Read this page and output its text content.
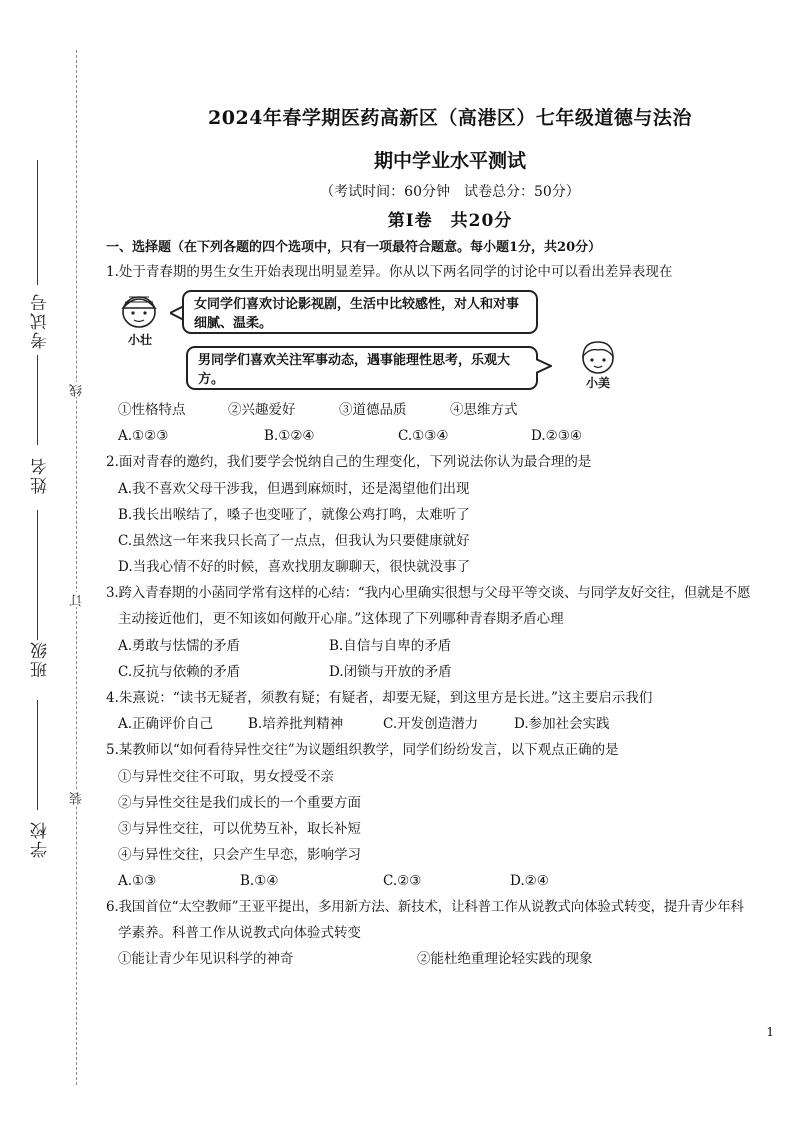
考试号
姓名
班级
学校
线
订
装
2024年春学期医药高新区（高港区）七年级道德与法治
期中学业水平测试
（考试时间：60分钟　试卷总分：50分）
第Ⅰ卷　共20分
一、选择题（在下列各题的四个选项中，只有一项最符合题意。每小题1分，共20分）
1.处于青春期的男生女生开始表现出明显差异。你从以下两名同学的讨论中可以看出差异表现在
小壮
女同学们喜欢讨论影视剧，生活中比较感性，对人和对事细腻、温柔。
男同学们喜欢关注军事动态，遇事能理性思考，乐观大方。	小美
①性格特点	②兴趣爱好	③道德品质	④思维方式
A.①②③	B.①②④	C.①③④	D.②③④
2.面对青春的邀约，我们要学会悦纳自己的生理变化，下列说法你认为最合理的是
A.我不喜欢父母干涉我，但遇到麻烦时，还是渴望他们出现
B.我长出喉结了，嗓子也变哑了，就像公鸡打鸣，太难听了
C.虽然这一年来我只长高了一点点，但我认为只要健康就好
D.当我心情不好的时候，喜欢找朋友聊聊天，很快就没事了
3.跨入青春期的小菡同学常有这样的心结：“我内心里确实很想与父母平等交谈、与同学友好交往，但就是不愿
主动接近他们，更不知该如何敞开心扉。”这体现了下列哪种青春期矛盾心理
A.勇敢与怯懦的矛盾	B.自信与自卑的矛盾
C.反抗与依赖的矛盾	D.闭锁与开放的矛盾
4.朱熹说：“读书无疑者，须教有疑；有疑者，却要无疑，到这里方是长进。”这主要启示我们
A.正确评价自己	B.培养批判精神	C.开发创造潜力	D.参加社会实践
5.某教师以“如何看待异性交往”为议题组织教学，同学们纷纷发言，以下观点正确的是
①与异性交往不可取，男女授受不亲
②与异性交往是我们成长的一个重要方面
③与异性交往，可以优势互补，取长补短
④与异性交往，只会产生早恋，影响学习
A.①③	B.①④	C.②③	D.②④
6.我国首位“太空教师”王亚平提出，多用新方法、新技术，让科普工作从说教式向体验式转变，提升青少年科
学素养。科普工作从说教式向体验式转变
①能让青少年见识科学的神奇	②能杜绝重理论轻实践的现象
1
